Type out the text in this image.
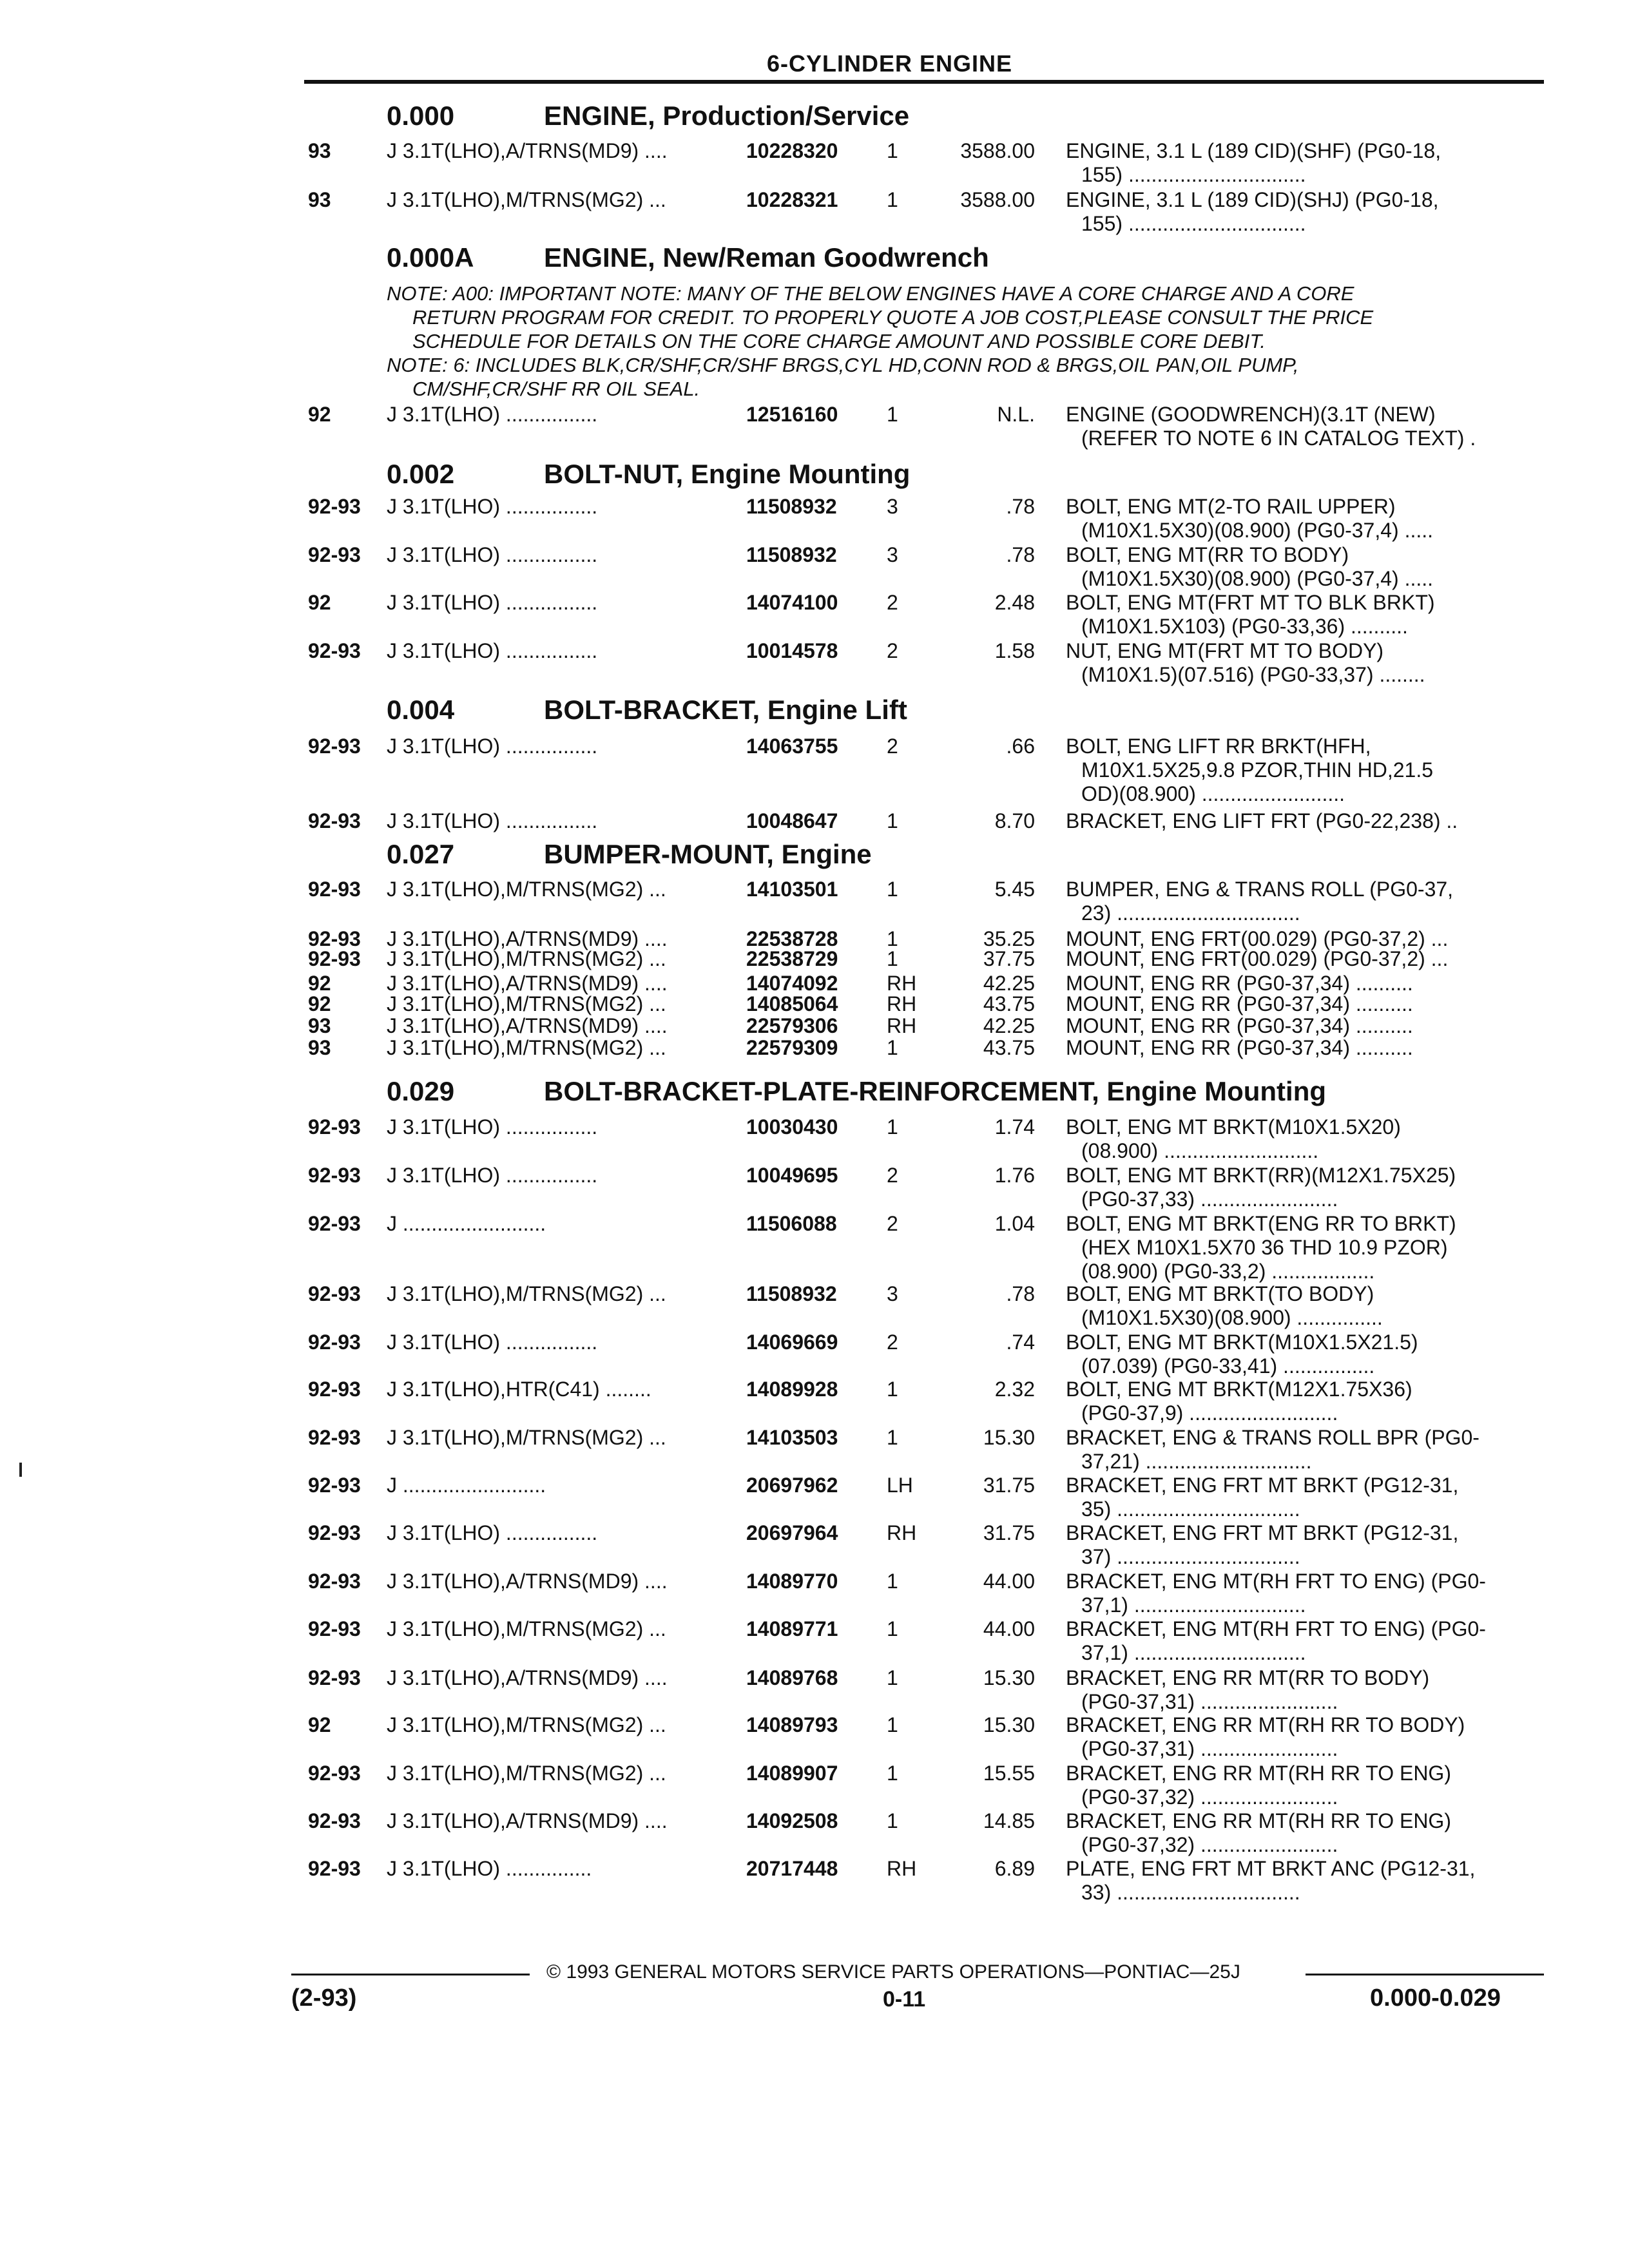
6-CYLINDER ENGINE
0.000	ENGINE, Production/Service
93	J 3.1T(LHO),A/TRNS(MD9) ....	10228320 1	3588.00 ENGINE, 3.1 L (189 CID)(SHF) (PG0-18,
155) ...............................
93	J 3.1T(LHO),M/TRNS(MG2) ...	10228321 1	3588.00 ENGINE, 3.1 L (189 CID)(SHJ) (PG0-18,
155) ...............................
0.000A	ENGINE, New/Reman Goodwrench
NOTE: A00: IMPORTANT NOTE: MANY OF THE BELOW ENGINES HAVE A CORE CHARGE AND A CORE
RETURN PROGRAM FOR CREDIT. TO PROPERLY QUOTE A JOB COST,PLEASE CONSULT THE PRICE
SCHEDULE FOR DETAILS ON THE CORE CHARGE AMOUNT AND POSSIBLE CORE DEBIT.
NOTE: 6: INCLUDES BLK,CR/SHF,CR/SHF BRGS,CYL HD,CONN ROD & BRGS,OIL PAN,OIL PUMP,
CM/SHF,CR/SHF RR OIL SEAL.
92	J 3.1T(LHO) ................	12516160 1	N.L. ENGINE (GOODWRENCH)(3.1T (NEW)
(REFER TO NOTE 6 IN CATALOG TEXT) .
0.002	BOLT-NUT, Engine Mounting
92-93 J 3.1T(LHO) ................	11508932 3	.78 BOLT, ENG MT(2-TO RAIL UPPER)
(M10X1.5X30)(08.900) (PG0-37,4) .....
92-93 J 3.1T(LHO) ................	11508932 3	.78 BOLT, ENG MT(RR TO BODY)
(M10X1.5X30)(08.900) (PG0-37,4) .....
92	J 3.1T(LHO) ................	14074100 2	2.48 BOLT, ENG MT(FRT MT TO BLK BRKT)
(M10X1.5X103) (PG0-33,36) ..........
92-93 J 3.1T(LHO) ................	10014578 2	1.58 NUT, ENG MT(FRT MT TO BODY)
(M10X1.5)(07.516) (PG0-33,37) ........
0.004	BOLT-BRACKET, Engine Lift
92-93 J 3.1T(LHO) ................	14063755 2	.66 BOLT, ENG LIFT RR BRKT(HFH,
M10X1.5X25,9.8 PZOR,THIN HD,21.5
OD)(08.900) .........................
92-93 J 3.1T(LHO) ................	10048647 1	8.70 BRACKET, ENG LIFT FRT (PG0-22,238) ..
0.027	BUMPER-MOUNT, Engine
92-93 J 3.1T(LHO),M/TRNS(MG2) ...	14103501 1	5.45 BUMPER, ENG & TRANS ROLL (PG0-37,
23) ................................
92-93 J 3.1T(LHO),A/TRNS(MD9) ....	22538728 1	35.25 MOUNT, ENG FRT(00.029) (PG0-37,2) ...
92-93 J 3.1T(LHO),M/TRNS(MG2) ...	22538729 1	37.75 MOUNT, ENG FRT(00.029) (PG0-37,2) ...
92	J 3.1T(LHO),A/TRNS(MD9) ....	14074092 RH	42.25 MOUNT, ENG RR (PG0-37,34) ..........
92	J 3.1T(LHO),M/TRNS(MG2) ...	14085064 RH	43.75 MOUNT, ENG RR (PG0-37,34) ..........
93	J 3.1T(LHO),A/TRNS(MD9) ....	22579306 RH	42.25 MOUNT, ENG RR (PG0-37,34) ..........
93	J 3.1T(LHO),M/TRNS(MG2) ...	22579309 1	43.75 MOUNT, ENG RR (PG0-37,34) ..........
0.029	BOLT-BRACKET-PLATE-REINFORCEMENT, Engine Mounting
92-93 J 3.1T(LHO) ................	10030430 1	1.74 BOLT, ENG MT BRKT(M10X1.5X20)
(08.900) ...........................
92-93 J 3.1T(LHO) ................	10049695 2	1.76 BOLT, ENG MT BRKT(RR)(M12X1.75X25)
(PG0-37,33) ........................
92-93 J .........................	11506088 2	1.04 BOLT, ENG MT BRKT(ENG RR TO BRKT)
(HEX M10X1.5X70 36 THD 10.9 PZOR)
(08.900) (PG0-33,2) ..................
92-93 J 3.1T(LHO),M/TRNS(MG2) ...	11508932 3	.78 BOLT, ENG MT BRKT(TO BODY)
(M10X1.5X30)(08.900) ...............
92-93 J 3.1T(LHO) ................	14069669 2	.74 BOLT, ENG MT BRKT(M10X1.5X21.5)
(07.039) (PG0-33,41) ................
92-93 J 3.1T(LHO),HTR(C41) ........	14089928 1	2.32 BOLT, ENG MT BRKT(M12X1.75X36)
(PG0-37,9) ..........................
92-93 J 3.1T(LHO),M/TRNS(MG2) ...	14103503 1	15.30 BRACKET, ENG & TRANS ROLL BPR (PG0-
37,21) .............................
92-93 J .........................	20697962 LH	31.75 BRACKET, ENG FRT MT BRKT (PG12-31,
35) ................................
92-93 J 3.1T(LHO) ................	20697964 RH	31.75 BRACKET, ENG FRT MT BRKT (PG12-31,
37) ................................
92-93 J 3.1T(LHO),A/TRNS(MD9) ....	14089770 1	44.00 BRACKET, ENG MT(RH FRT TO ENG) (PG0-
37,1) ..............................
92-93 J 3.1T(LHO),M/TRNS(MG2) ...	14089771 1	44.00 BRACKET, ENG MT(RH FRT TO ENG) (PG0-
37,1) ..............................
92-93 J 3.1T(LHO),A/TRNS(MD9) ....	14089768 1	15.30 BRACKET, ENG RR MT(RR TO BODY)
(PG0-37,31) ........................
92	J 3.1T(LHO),M/TRNS(MG2) ...	14089793 1	15.30 BRACKET, ENG RR MT(RH RR TO BODY)
(PG0-37,31) ........................
92-93 J 3.1T(LHO),M/TRNS(MG2) ...	14089907 1	15.55 BRACKET, ENG RR MT(RH RR TO ENG)
(PG0-37,32) ........................
92-93 J 3.1T(LHO),A/TRNS(MD9) ....	14092508 1	14.85 BRACKET, ENG RR MT(RH RR TO ENG)
(PG0-37,32) ........................
92-93 J 3.1T(LHO) ...............	20717448 RH	6.89 PLATE, ENG FRT MT BRKT ANC (PG12-31,
33) ................................
© 1993 GENERAL MOTORS SERVICE PARTS OPERATIONS—PONTIAC—25J
(2-93)	0-11	0.000-0.029
